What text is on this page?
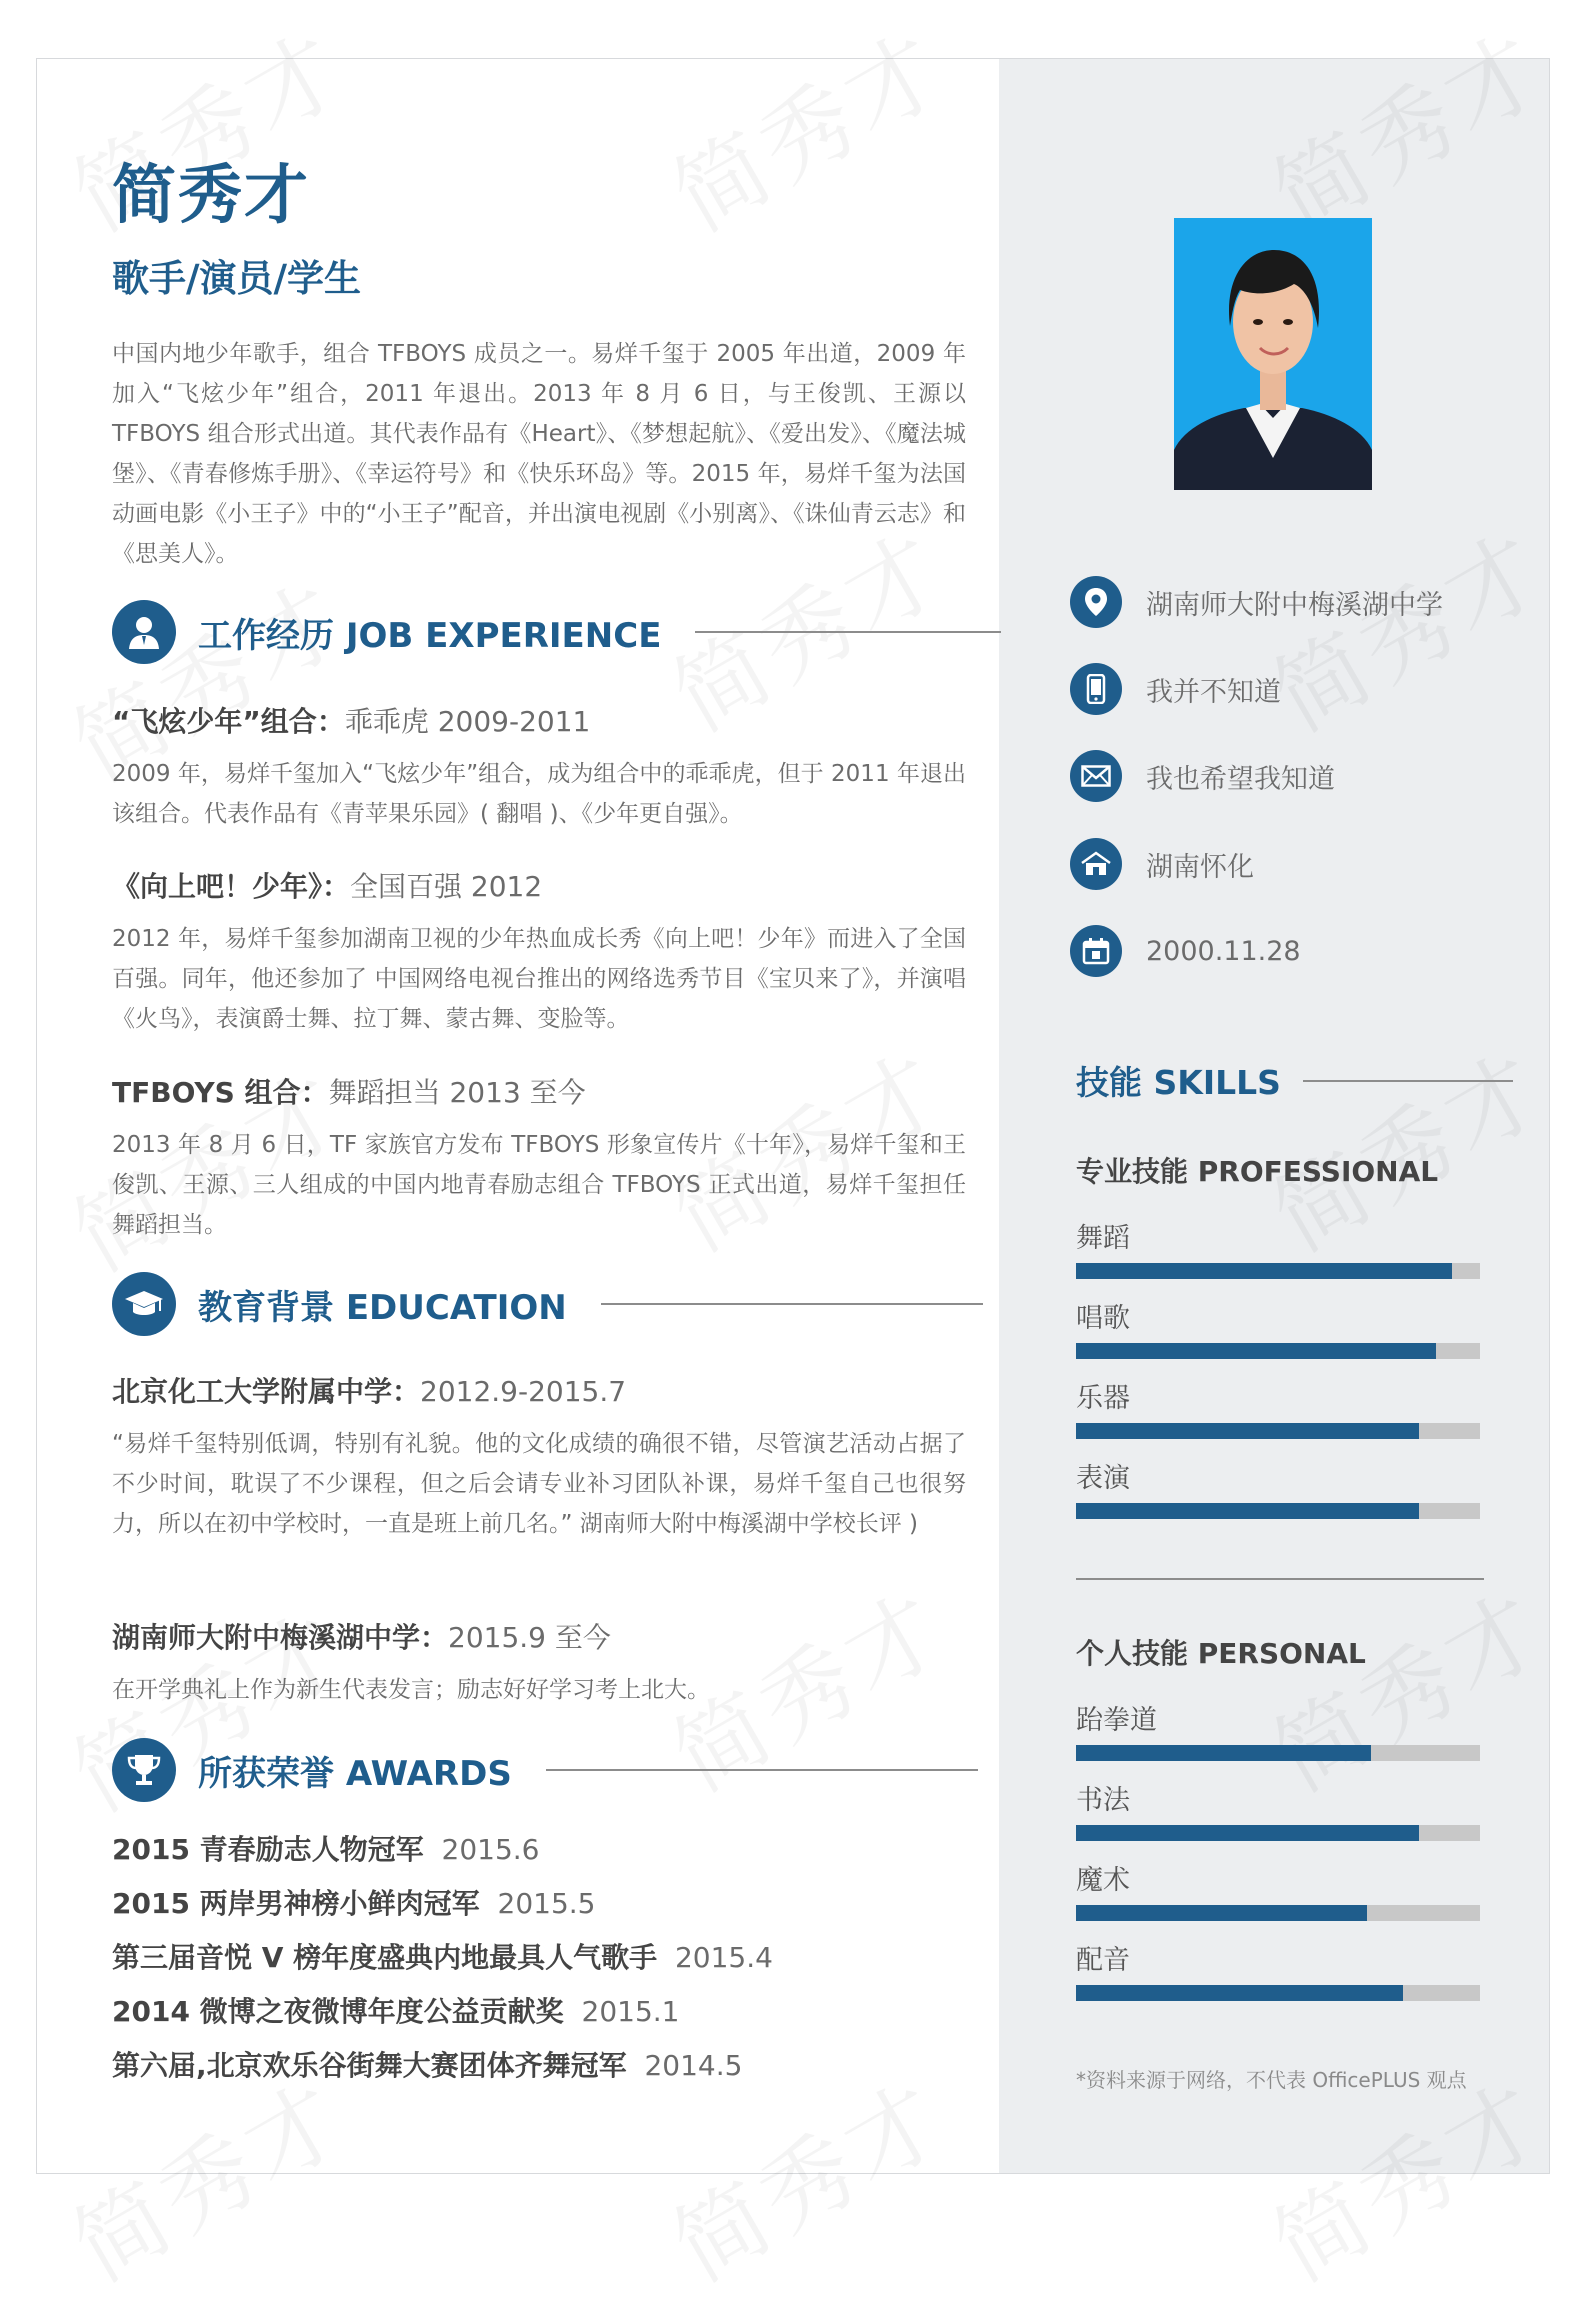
简秀才
歌手/演员/学生
中国内地少年歌手，组合 TFBOYS 成员之一。易烊千玺于 2005 年出道，2009 年加入“飞炫少年”组合，2011 年退出。2013 年 8 月 6 日，与王俊凯、王源以 TFBOYS 组合形式出道。其代表作品有《Heart》、《梦想起航》、《爱出发》、《魔法城堡》、《青春修炼手册》、《幸运符号》和《快乐环岛》等。2015 年，易烊千玺为法国动画电影《小王子》中的“小王子”配音，并出演电视剧《小别离》、《诛仙青云志》和《思美人》。
工作经历 JOB EXPERIENCE
“飞炫少年”组合：乖乖虎 2009-2011
2009 年，易烊千玺加入“飞炫少年”组合，成为组合中的乖乖虎，但于 2011 年退出该组合。代表作品有《青苹果乐园》( 翻唱 )、《少年更自强》。
《向上吧！少年》：全国百强 2012
2012 年，易烊千玺参加湖南卫视的少年热血成长秀《向上吧！少年》而进入了全国百强。同年，他还参加了 中国网络电视台推出的网络选秀节目《宝贝来了》，并演唱《火鸟》，表演爵士舞、拉丁舞、蒙古舞、变脸等。
TFBOYS 组合：舞蹈担当 2013 至今
2013 年 8 月 6 日，TF 家族官方发布 TFBOYS 形象宣传片《十年》，易烊千玺和王俊凯、王源、三人组成的中国内地青春励志组合 TFBOYS 正式出道，易烊千玺担任舞蹈担当。
教育背景 EDUCATION
北京化工大学附属中学：2012.9-2015.7
“易烊千玺特别低调，特别有礼貌。他的文化成绩的确很不错，尽管演艺活动占据了不少时间，耽误了不少课程，但之后会请专业补习团队补课，易烊千玺自己也很努力，所以在初中学校时，一直是班上前几名。” 湖南师大附中梅溪湖中学校长评 )
湖南师大附中梅溪湖中学：2015.9 至今
在开学典礼上作为新生代表发言；励志好好学习考上北大。
所获荣誉 AWARDS
2015 青春励志人物冠军 2015.6
2015 两岸男神榜小鲜肉冠军 2015.5
第三届音悦 V 榜年度盛典内地最具人气歌手 2015.4
2014 微博之夜微博年度公益贡献奖 2015.1
第六届,北京欢乐谷街舞大赛团体齐舞冠军 2014.5
湖南师大附中梅溪湖中学
我并不知道
我也希望我知道
湖南怀化
2000.11.28
技能 SKILLS
专业技能 PROFESSIONAL
舞蹈
唱歌
乐器
表演
个人技能 PERSONAL
跆拳道
书法
魔术
配音
*资料来源于网络，不代表 OfficePLUS 观点
